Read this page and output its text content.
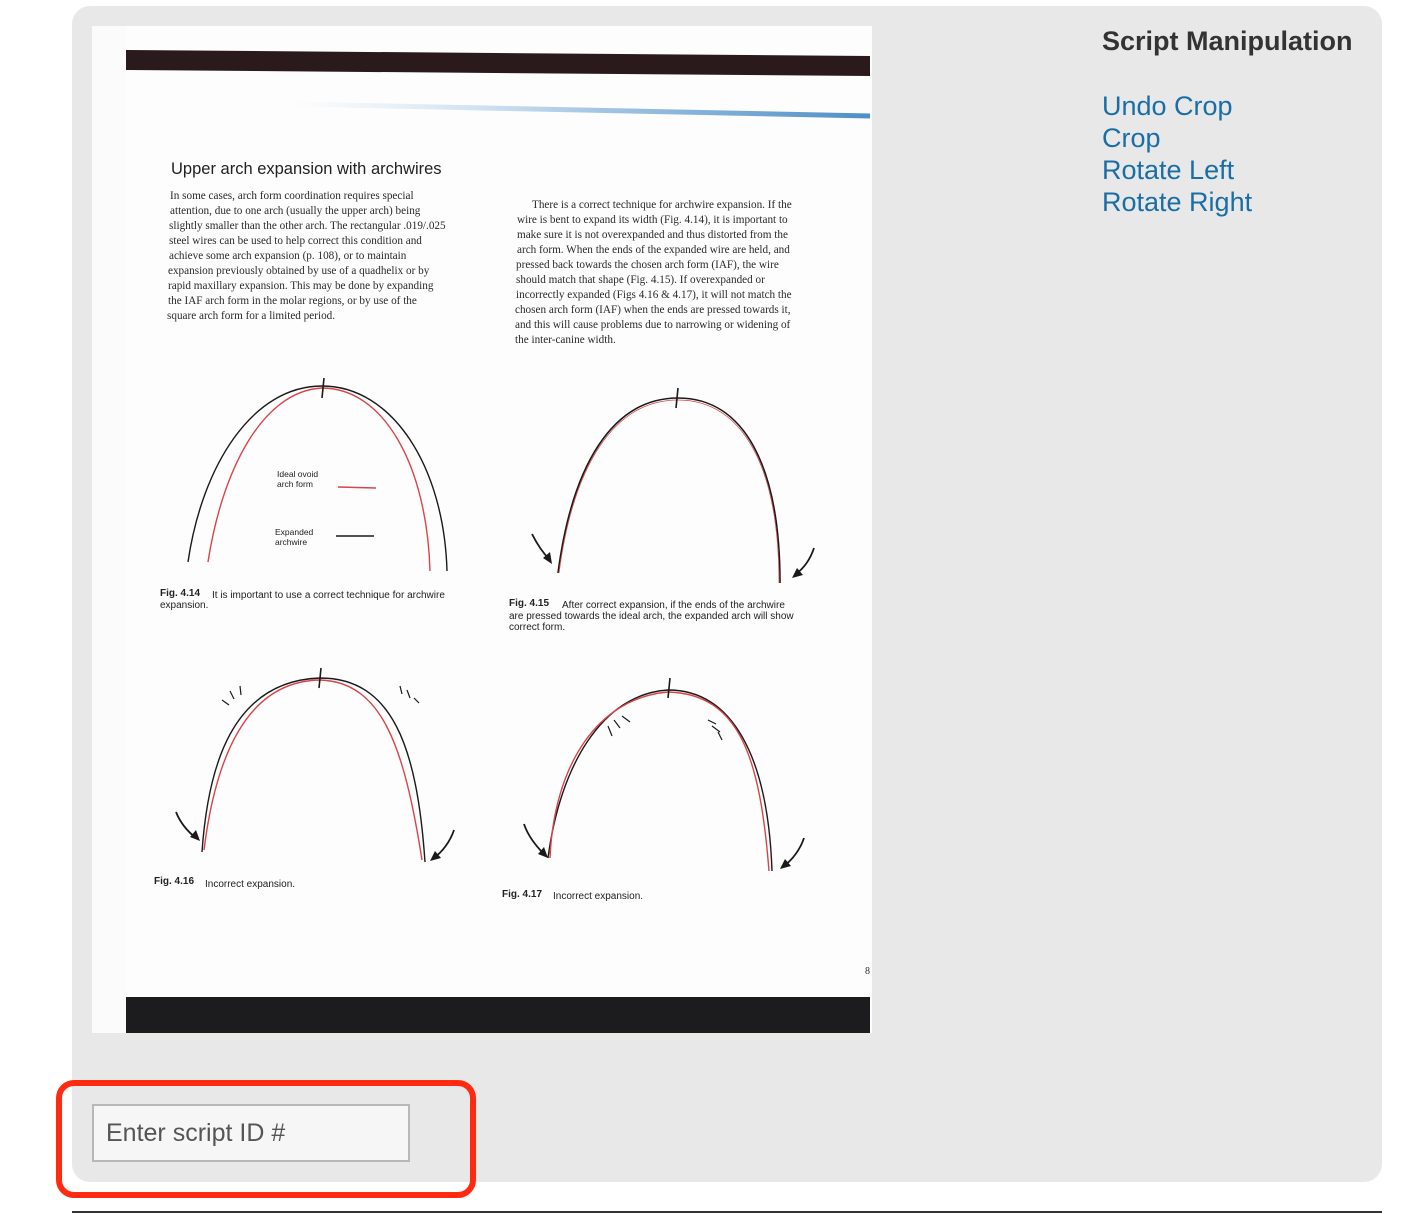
Upper arch expansion with archwires
In some cases, arch form coordination requires special
attention, due to one arch (usually the upper arch) being
slightly smaller than the other arch. The rectangular .019/.025
steel wires can be used to help correct this condition and
achieve some arch expansion (p. 108), or to maintain
expansion previously obtained by use of a quadhelix or by
rapid maxillary expansion. This may be done by expanding
the IAF arch form in the molar regions, or by use of the
square arch form for a limited period.
There is a correct technique for archwire expansion. If the
wire is bent to expand its width (Fig. 4.14), it is important to
make sure it is not overexpanded and thus distorted from the
arch form. When the ends of the expanded wire are held, and
pressed back towards the chosen arch form (IAF), the wire
should match that shape (Fig. 4.15). If overexpanded or
incorrectly expanded (Figs 4.16 & 4.17), it will not match the
chosen arch form (IAF) when the ends are pressed towards it,
and this will cause problems due to narrowing or widening of
the inter-canine width.
Ideal ovoid
arch form
Expanded
archwire
Fig. 4.16 Incorrect expansion.
Fig. 4.17 Incorrect expansion.
Fig. 4.14 It is important to use a correct technique for archwire
expansion.	Fig. 4.15 After correct expansion, if the ends of the archwire
are pressed towards the ideal arch, the expanded arch will show
correct form.
8
Script Manipulation
Undo Crop
Crop
Rotate Left
Rotate Right
Enter script ID #
